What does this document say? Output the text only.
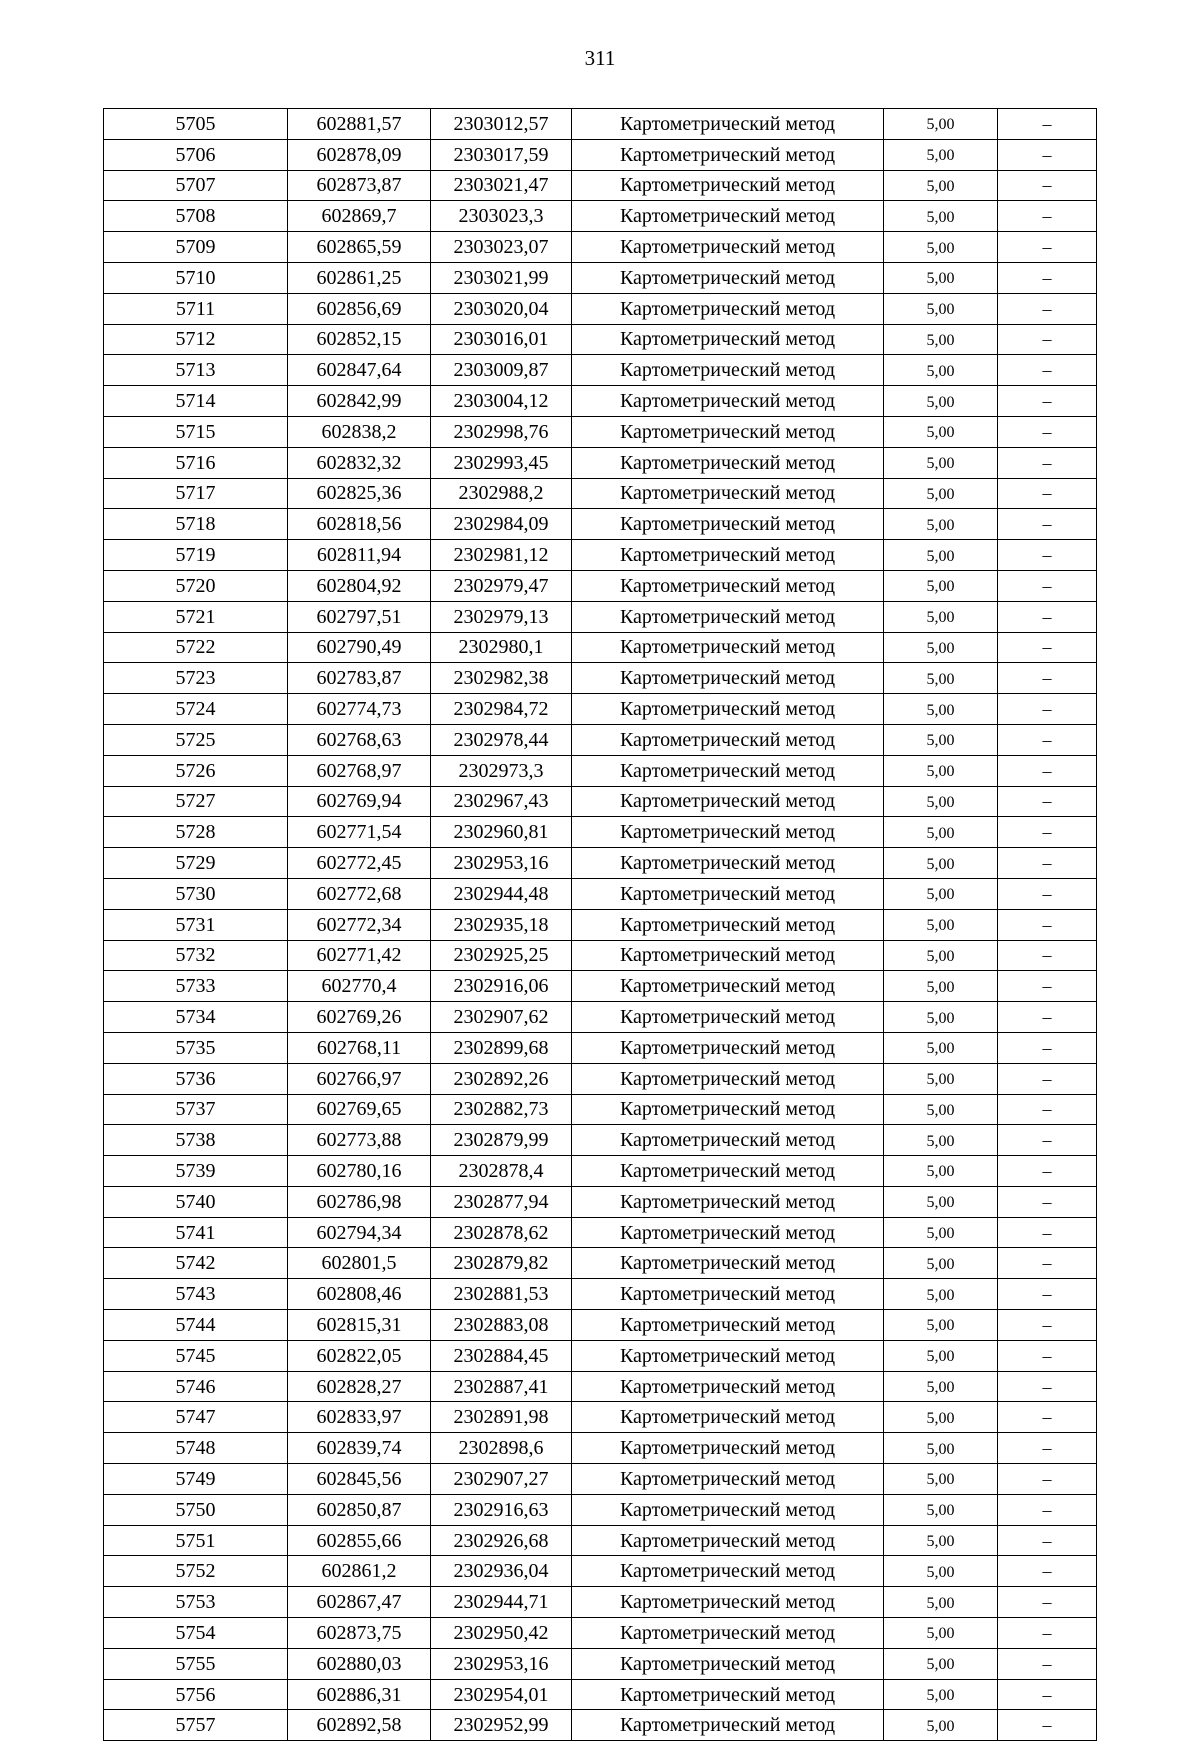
311
5705	602881,57	2303012,57	Картометрический метод	5,00	–
5706	602878,09	2303017,59	Картометрический метод	5,00	–
5707	602873,87	2303021,47	Картометрический метод	5,00	–
5708	602869,7	2303023,3	Картометрический метод	5,00	–
5709	602865,59	2303023,07	Картометрический метод	5,00	–
5710	602861,25	2303021,99	Картометрический метод	5,00	–
5711	602856,69	2303020,04	Картометрический метод	5,00	–
5712	602852,15	2303016,01	Картометрический метод	5,00	–
5713	602847,64	2303009,87	Картометрический метод	5,00	–
5714	602842,99	2303004,12	Картометрический метод	5,00	–
5715	602838,2	2302998,76	Картометрический метод	5,00	–
5716	602832,32	2302993,45	Картометрический метод	5,00	–
5717	602825,36	2302988,2	Картометрический метод	5,00	–
5718	602818,56	2302984,09	Картометрический метод	5,00	–
5719	602811,94	2302981,12	Картометрический метод	5,00	–
5720	602804,92	2302979,47	Картометрический метод	5,00	–
5721	602797,51	2302979,13	Картометрический метод	5,00	–
5722	602790,49	2302980,1	Картометрический метод	5,00	–
5723	602783,87	2302982,38	Картометрический метод	5,00	–
5724	602774,73	2302984,72	Картометрический метод	5,00	–
5725	602768,63	2302978,44	Картометрический метод	5,00	–
5726	602768,97	2302973,3	Картометрический метод	5,00	–
5727	602769,94	2302967,43	Картометрический метод	5,00	–
5728	602771,54	2302960,81	Картометрический метод	5,00	–
5729	602772,45	2302953,16	Картометрический метод	5,00	–
5730	602772,68	2302944,48	Картометрический метод	5,00	–
5731	602772,34	2302935,18	Картометрический метод	5,00	–
5732	602771,42	2302925,25	Картометрический метод	5,00	–
5733	602770,4	2302916,06	Картометрический метод	5,00	–
5734	602769,26	2302907,62	Картометрический метод	5,00	–
5735	602768,11	2302899,68	Картометрический метод	5,00	–
5736	602766,97	2302892,26	Картометрический метод	5,00	–
5737	602769,65	2302882,73	Картометрический метод	5,00	–
5738	602773,88	2302879,99	Картометрический метод	5,00	–
5739	602780,16	2302878,4	Картометрический метод	5,00	–
5740	602786,98	2302877,94	Картометрический метод	5,00	–
5741	602794,34	2302878,62	Картометрический метод	5,00	–
5742	602801,5	2302879,82	Картометрический метод	5,00	–
5743	602808,46	2302881,53	Картометрический метод	5,00	–
5744	602815,31	2302883,08	Картометрический метод	5,00	–
5745	602822,05	2302884,45	Картометрический метод	5,00	–
5746	602828,27	2302887,41	Картометрический метод	5,00	–
5747	602833,97	2302891,98	Картометрический метод	5,00	–
5748	602839,74	2302898,6	Картометрический метод	5,00	–
5749	602845,56	2302907,27	Картометрический метод	5,00	–
5750	602850,87	2302916,63	Картометрический метод	5,00	–
5751	602855,66	2302926,68	Картометрический метод	5,00	–
5752	602861,2	2302936,04	Картометрический метод	5,00	–
5753	602867,47	2302944,71	Картометрический метод	5,00	–
5754	602873,75	2302950,42	Картометрический метод	5,00	–
5755	602880,03	2302953,16	Картометрический метод	5,00	–
5756	602886,31	2302954,01	Картометрический метод	5,00	–
5757	602892,58	2302952,99	Картометрический метод	5,00	–
